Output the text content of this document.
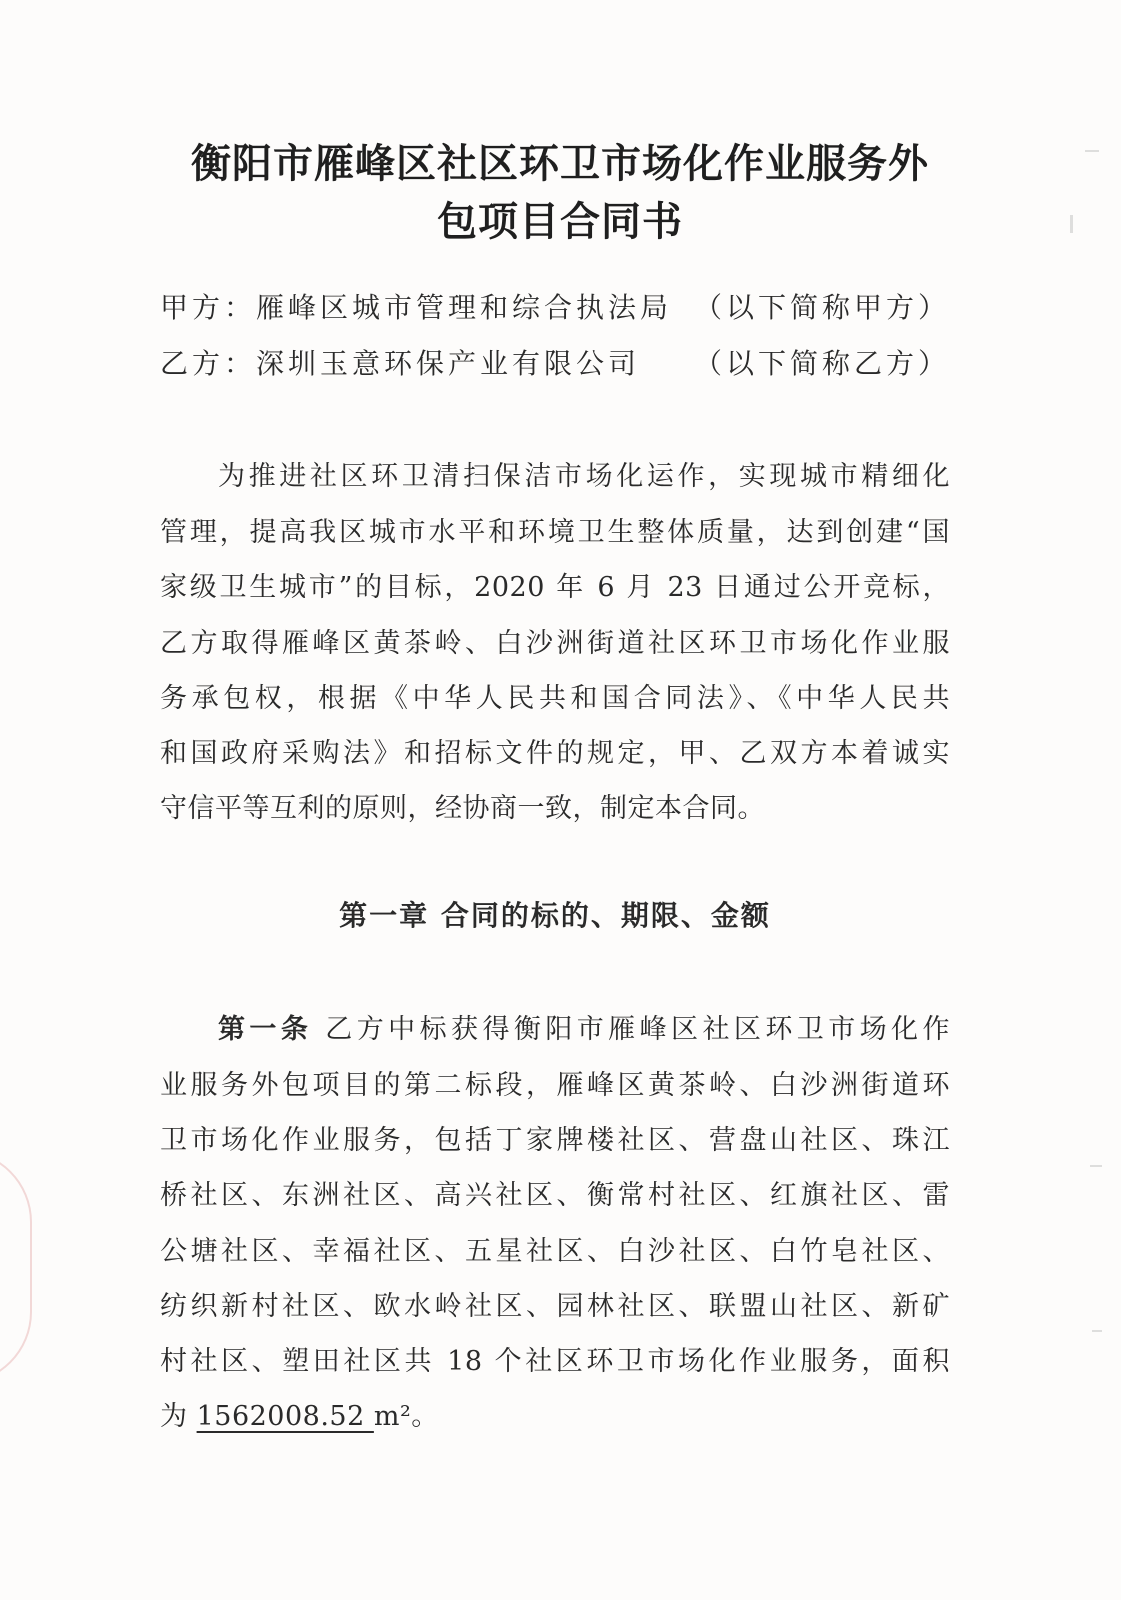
衡阳市雁峰区社区环卫市场化作业服务外
包项目合同书
甲方：雁峰区城市管理和综合执法局 （以下简称甲方）
乙方：深圳玉意环保产业有限公司 （以下简称乙方）
为推进社区环卫清扫保洁市场化运作，实现城市精细化
管理，提高我区城市水平和环境卫生整体质量，达到创建“国
家级卫生城市”的目标，2020 年 6 月 23 日通过公开竞标，
乙方取得雁峰区黄茶岭、白沙洲街道社区环卫市场化作业服
务承包权，根据《中华人民共和国合同法》、《中华人民共
和国政府采购法》和招标文件的规定，甲、乙双方本着诚实
守信平等互利的原则，经协商一致，制定本合同。
第一章 合同的标的、期限、金额
第一条 乙方中标获得衡阳市雁峰区社区环卫市场化作
业服务外包项目的第二标段，雁峰区黄茶岭、白沙洲街道环
卫市场化作业服务，包括丁家牌楼社区、营盘山社区、珠江
桥社区、东洲社区、高兴社区、衡常村社区、红旗社区、雷
公塘社区、幸福社区、五星社区、白沙社区、白竹皂社区、
纺织新村社区、欧水岭社区、园林社区、联盟山社区、新矿
村社区、塑田社区共 18 个社区环卫市场化作业服务，面积
为 1562008.52 m²。
